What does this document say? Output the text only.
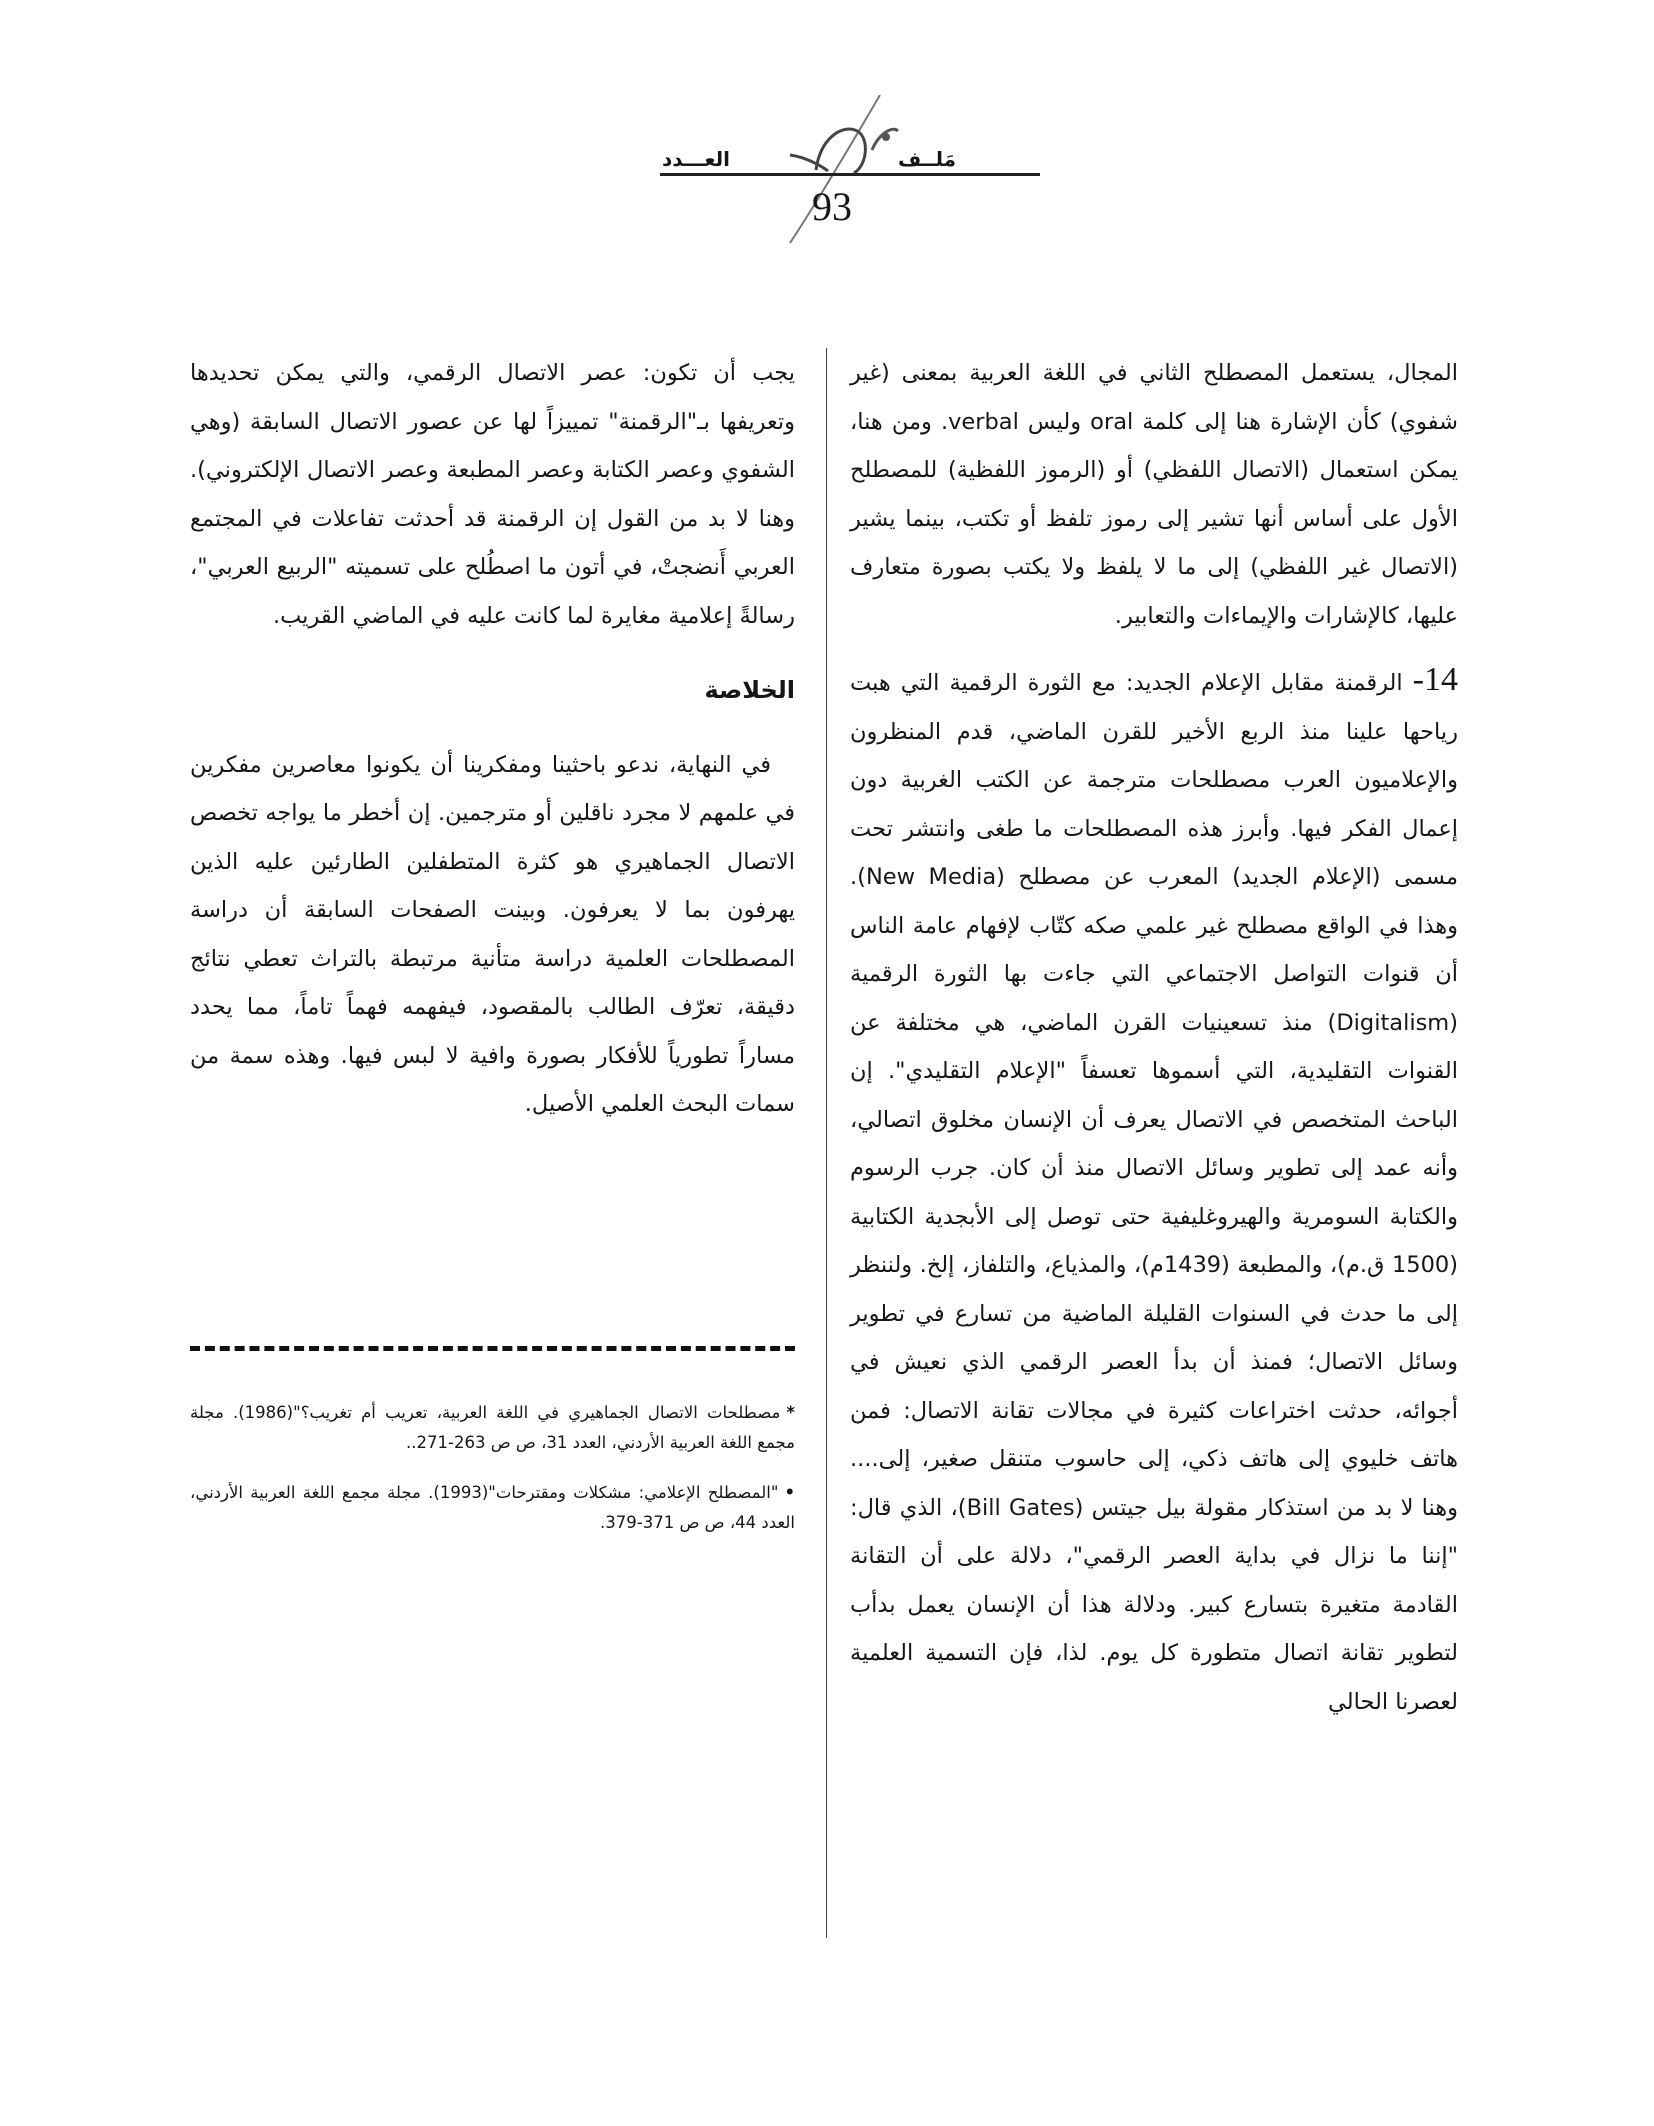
مَلــف
العـــدد
93

المجال، يستعمل المصطلح الثاني في اللغة العربية بمعنى (غير شفوي) كأن الإشارة هنا إلى كلمة oral وليس verbal. ومن هنا، يمكن استعمال (الاتصال اللفظي) أو (الرموز اللفظية) للمصطلح الأول على أساس أنها تشير إلى رموز تلفظ أو تكتب، بينما يشير (الاتصال غير اللفظي) إلى ما لا يلفظ ولا يكتب بصورة متعارف عليها، كالإشارات والإيماءات والتعابير.

14- الرقمنة مقابل الإعلام الجديد: مع الثورة الرقمية التي هبت رياحها علينا منذ الربع الأخير للقرن الماضي، قدم المنظرون والإعلاميون العرب مصطلحات مترجمة عن الكتب الغربية دون إعمال الفكر فيها. وأبرز هذه المصطلحات ما طغى وانتشر تحت مسمى (الإعلام الجديد) المعرب عن مصطلح (New Media). وهذا في الواقع مصطلح غير علمي صكه كتّاب لإفهام عامة الناس أن قنوات التواصل الاجتماعي التي جاءت بها الثورة الرقمية (Digitalism) منذ تسعينيات القرن الماضي، هي مختلفة عن القنوات التقليدية، التي أسموها تعسفاً "الإعلام التقليدي". إن الباحث المتخصص في الاتصال يعرف أن الإنسان مخلوق اتصالي، وأنه عمد إلى تطوير وسائل الاتصال منذ أن كان. جرب الرسوم والكتابة السومرية والهيروغليفية حتى توصل إلى الأبجدية الكتابية (1500 ق.م)، والمطبعة (1439م)، والمذياع، والتلفاز، إلخ. ولننظر إلى ما حدث في السنوات القليلة الماضية من تسارع في تطوير وسائل الاتصال؛ فمنذ أن بدأ العصر الرقمي الذي نعيش في أجوائه، حدثت اختراعات كثيرة في مجالات تقانة الاتصال: فمن هاتف خليوي إلى هاتف ذكي، إلى حاسوب متنقل صغير، إلى.... وهنا لا بد من استذكار مقولة بيل جيتس (Bill Gates)، الذي قال: "إننا ما نزال في بداية العصر الرقمي"، دلالة على أن التقانة القادمة متغيرة بتسارع كبير. ودلالة هذا أن الإنسان يعمل بدأب لتطوير تقانة اتصال متطورة كل يوم. لذا، فإن التسمية العلمية لعصرنا الحالي

يجب أن تكون: عصر الاتصال الرقمي، والتي يمكن تحديدها وتعريفها بـ"الرقمنة" تمييزاً لها عن عصور الاتصال السابقة (وهي الشفوي وعصر الكتابة وعصر المطبعة وعصر الاتصال الإلكتروني). وهنا لا بد من القول إن الرقمنة قد أحدثت تفاعلات في المجتمع العربي أَنضجتْ، في أتون ما اصطُلح على تسميته "الربيع العربي"، رسالةً إعلامية مغايرة لما كانت عليه في الماضي القريب.

الخلاصة

في النهاية، ندعو باحثينا ومفكرينا أن يكونوا معاصرين مفكرين في علمهم لا مجرد ناقلين أو مترجمين. إن أخطر ما يواجه تخصص الاتصال الجماهيري هو كثرة المتطفلين الطارئين عليه الذين يهرفون بما لا يعرفون. وبينت الصفحات السابقة أن دراسة المصطلحات العلمية دراسة متأنية مرتبطة بالتراث تعطي نتائج دقيقة، تعرّف الطالب بالمقصود، فيفهمه فهماً تاماً، مما يحدد مساراً تطورياً للأفكار بصورة وافية لا لبس فيها. وهذه سمة من سمات البحث العلمي الأصيل.

*مصطلحات الاتصال الجماهيري في اللغة العربية، تعريب أم تغريب؟"(1986). مجلة مجمع اللغة العربية الأردني، العدد 31، ص ص 263-271..

•"المصطلح الإعلامي: مشكلات ومقترحات"(1993). مجلة مجمع اللغة العربية الأردني، العدد 44، ص ص 371-379.
